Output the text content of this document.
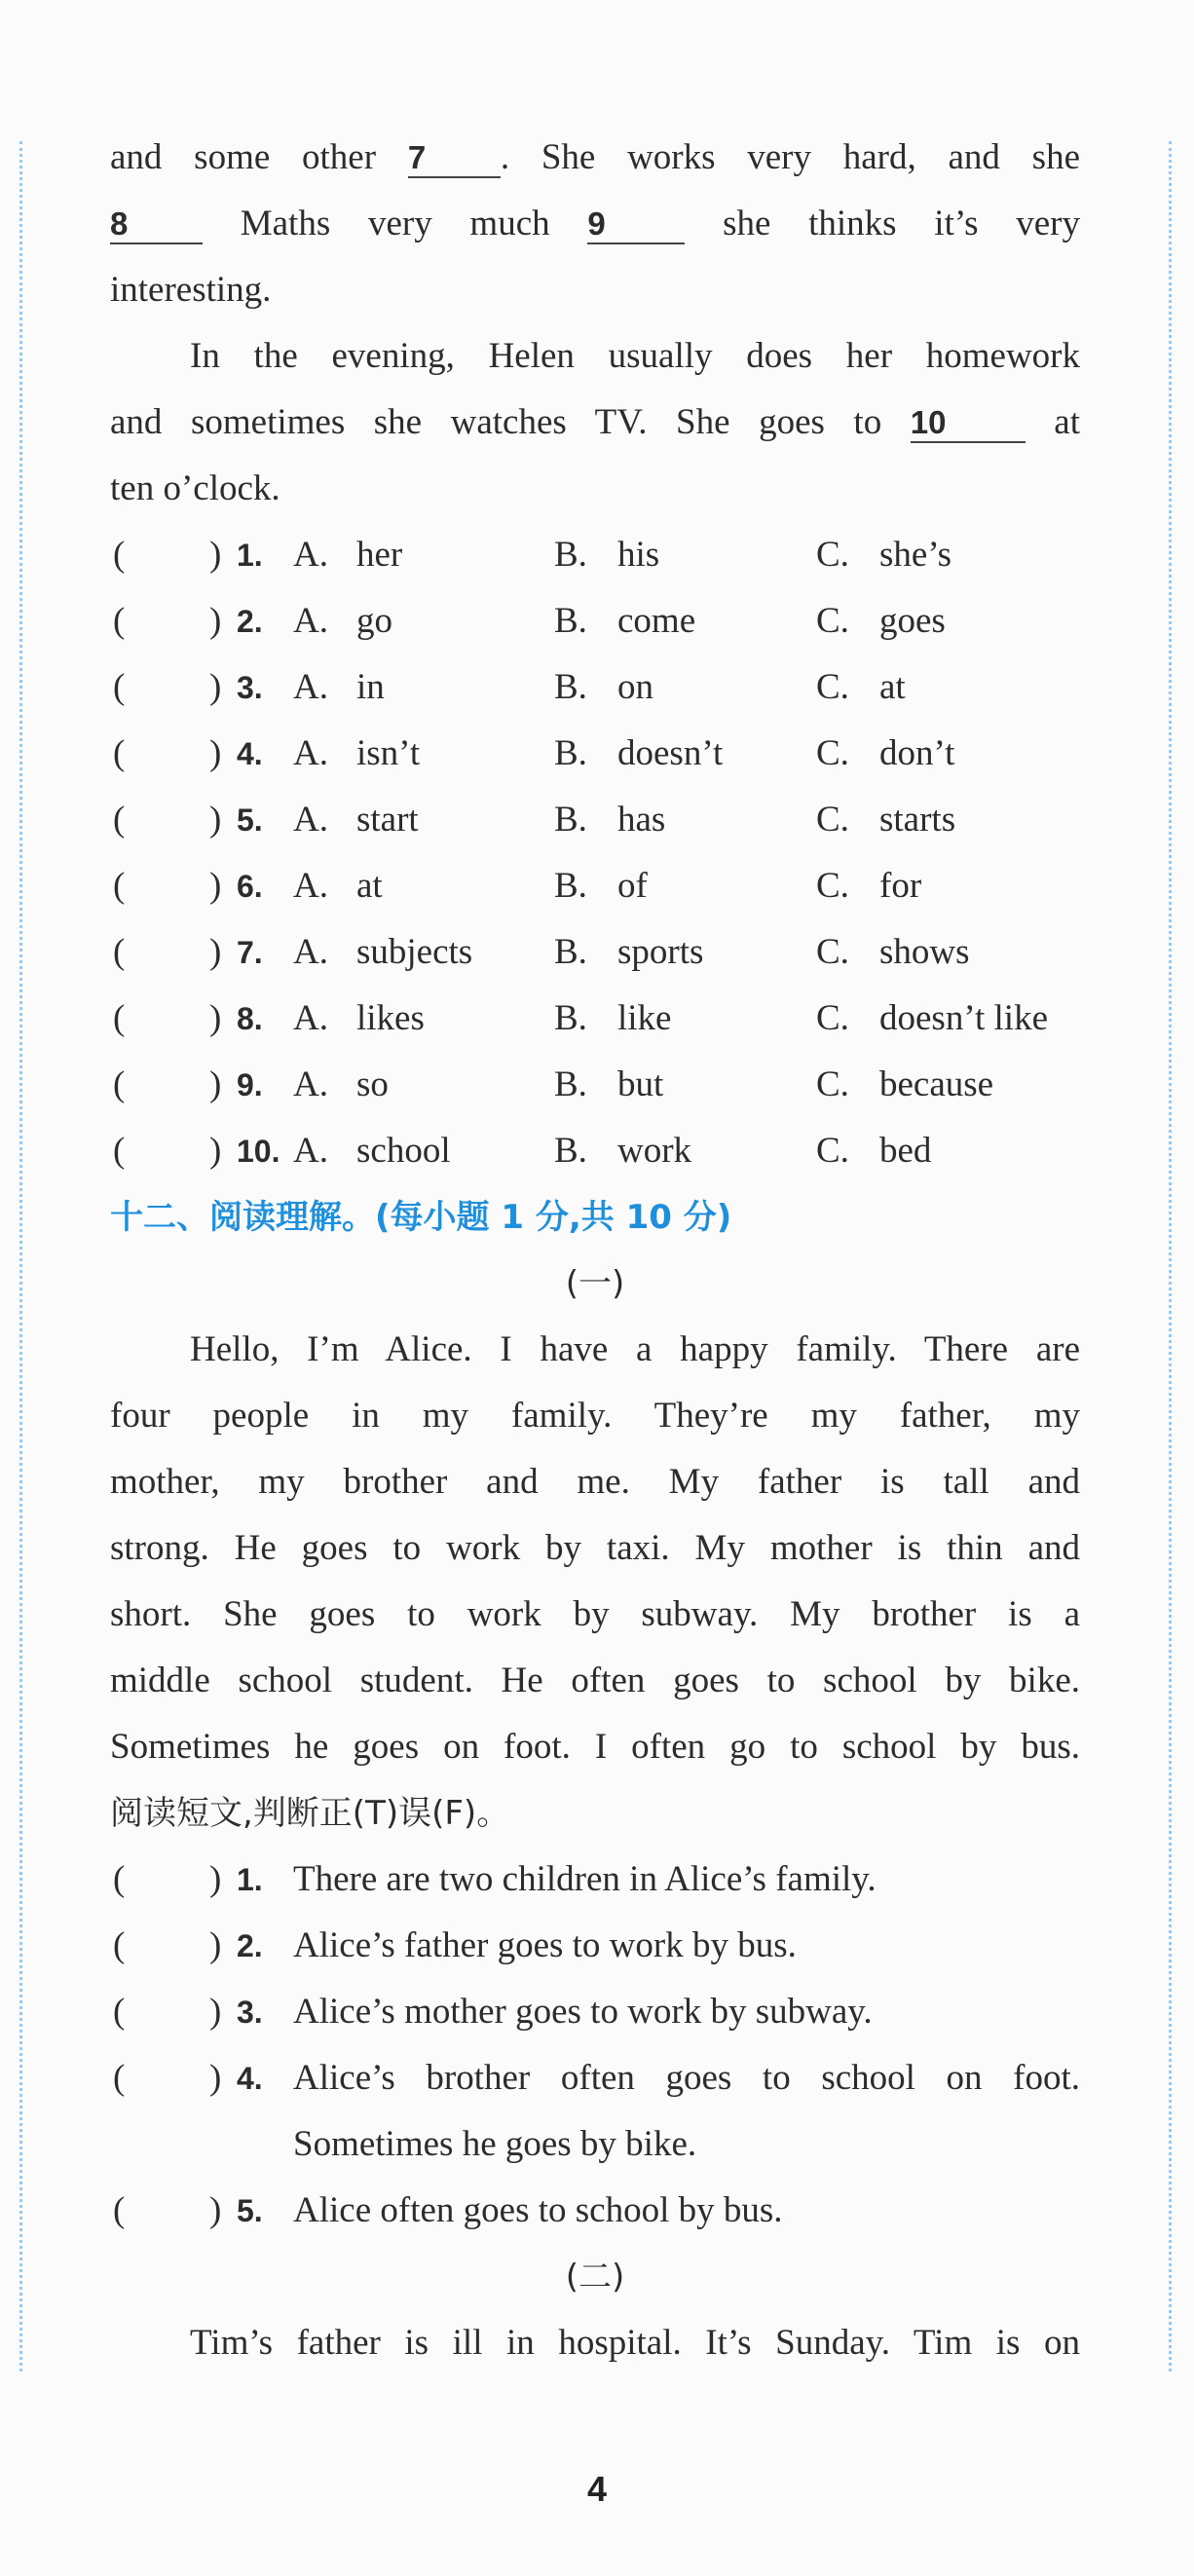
and some other 7 . She works very hard, and she
8 Maths very much 9 she thinks it’s very
interesting.
In the evening, Helen usually does her homework
and sometimes she watches TV. She goes to 10 at
ten o’clock.
( ) 1. A. her	B. his	C. she’s
( ) 2. A. go	B. come	C. goes
( ) 3. A. in	B. on	C. at
( ) 4. A. isn’t	B. doesn’t	C. don’t
( ) 5. A. start	B. has	C. starts
( ) 6. A. at	B. of	C. for
( ) 7. A. subjects B. sports	C. shows
( ) 8. A. likes	B. like	C. doesn’t like
( ) 9. A. so	B. but	C. because
( ) 10. A. school	B. work	C. bed
十二、阅读理解。(每小题 1 分,共 10 分)
(一)
Hello, I’m Alice. I have a happy family. There are
four people in my family. They’re my father, my
mother, my brother and me. My father is tall and
strong. He goes to work by taxi. My mother is thin and
short. She goes to work by subway. My brother is a
middle school student. He often goes to school by bike.
Sometimes he goes on foot. I often go to school by bus.
阅读短文,判断正(T)误(F)。
( ) 1. There are two children in Alice’s family.
( ) 2. Alice’s father goes to work by bus.
( ) 3. Alice’s mother goes to work by subway.
( ) 4. Alice’s brother often goes to school on foot.
Sometimes he goes by bike.
( ) 5. Alice often goes to school by bus.
(二)
Tim’s father is ill in hospital. It’s Sunday. Tim is on
4
